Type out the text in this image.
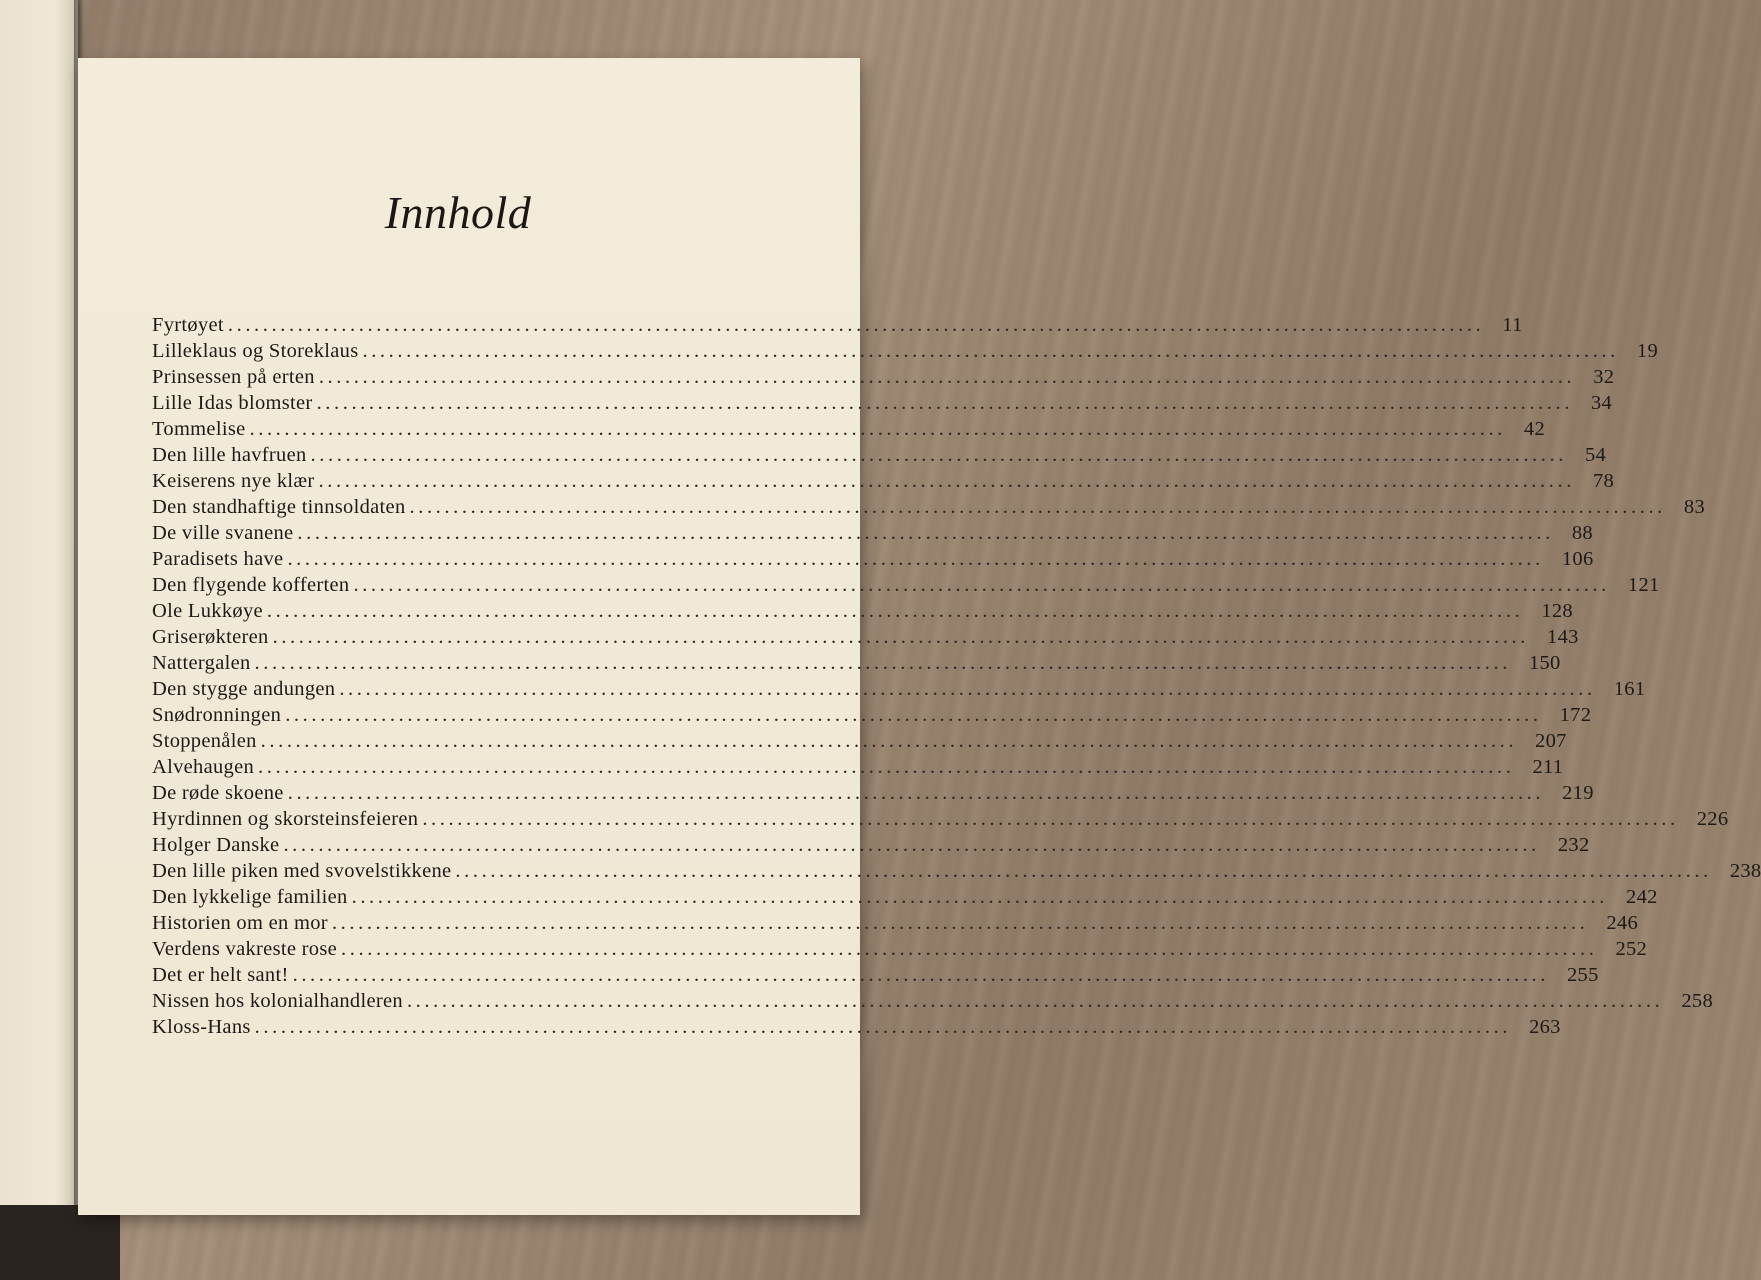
Innhold
Fyrtøyet ................................................................................................................................................ 11
Lilleklaus og Storeklaus ................................................................................................................................................ 19
Prinsessen på erten ................................................................................................................................................ 32
Lille Idas blomster ................................................................................................................................................ 34
Tommelise ................................................................................................................................................ 42
Den lille havfruen ................................................................................................................................................ 54
Keiserens nye klær ................................................................................................................................................ 78
Den standhaftige tinnsoldaten ................................................................................................................................................ 83
De ville svanene ................................................................................................................................................ 88
Paradisets have ................................................................................................................................................ 106
Den flygende kofferten ................................................................................................................................................ 121
Ole Lukkøye ................................................................................................................................................ 128
Griserøkteren ................................................................................................................................................ 143
Nattergalen ................................................................................................................................................ 150
Den stygge andungen ................................................................................................................................................ 161
Snødronningen ................................................................................................................................................ 172
Stoppenålen ................................................................................................................................................ 207
Alvehaugen ................................................................................................................................................ 211
De røde skoene ................................................................................................................................................ 219
Hyrdinnen og skorsteinsfeieren ................................................................................................................................................ 226
Holger Danske ................................................................................................................................................ 232
Den lille piken med svovelstikkene ................................................................................................................................................ 238
Den lykkelige familien ................................................................................................................................................ 242
Historien om en mor ................................................................................................................................................ 246
Verdens vakreste rose ................................................................................................................................................ 252
Det er helt sant! ................................................................................................................................................ 255
Nissen hos kolonialhandleren ................................................................................................................................................ 258
Kloss-Hans ................................................................................................................................................ 263
